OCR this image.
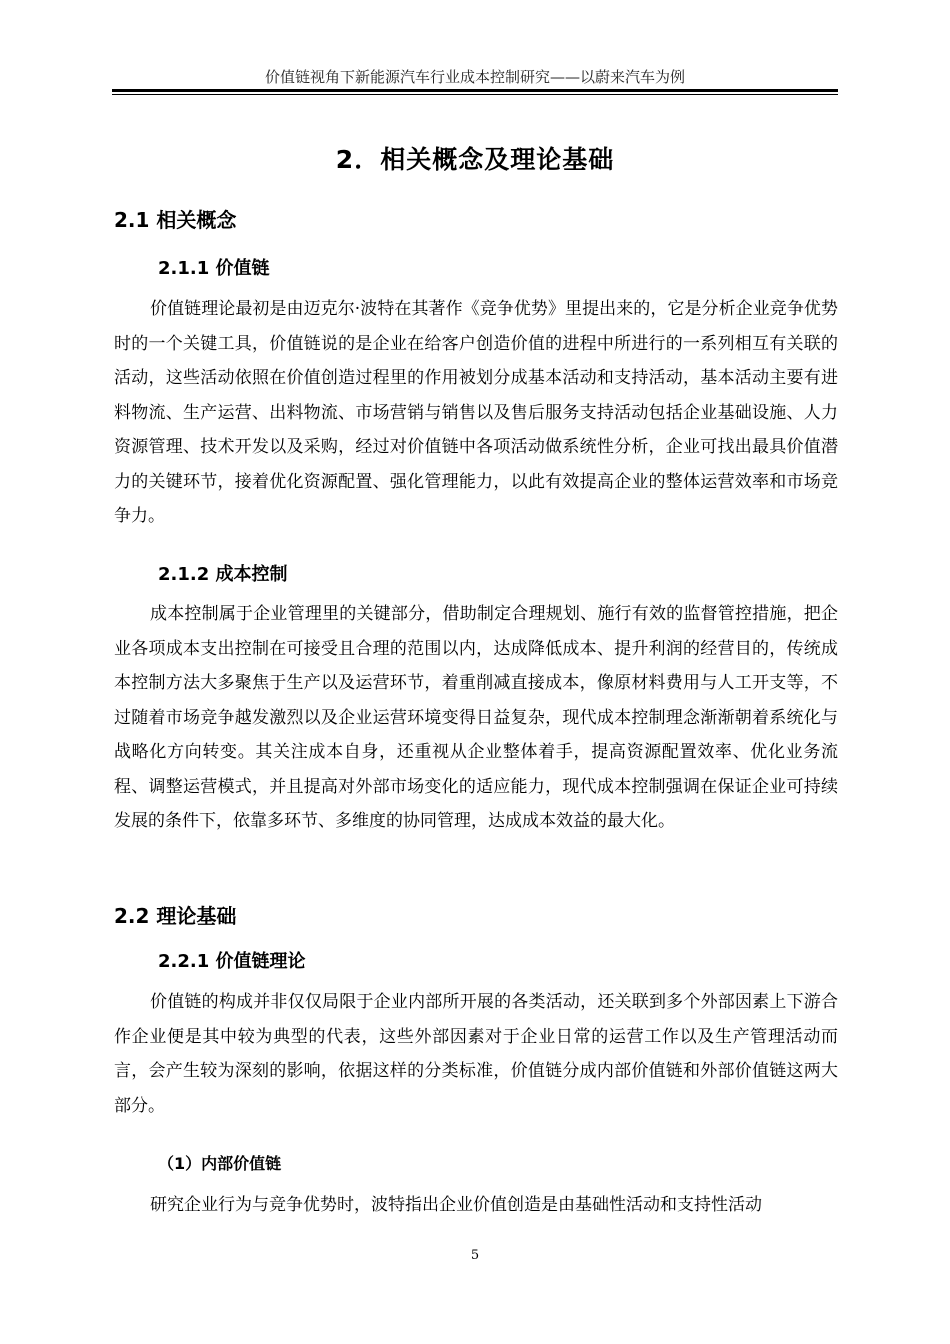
价值链视角下新能源汽车行业成本控制研究——以蔚来汽车为例
2．相关概念及理论基础
2.1 相关概念
2.1.1 价值链

价值链理论最初是由迈克尔·波特在其著作《竞争优势》里提出来的，它是分析企业竞争优势时的一个关键工具，价值链说的是企业在给客户创造价值的进程中所进行的一系列相互有关联的活动，这些活动依照在价值创造过程里的作用被划分成基本活动和支持活动，基本活动主要有进料物流、生产运营、出料物流、市场营销与销售以及售后服务支持活动包括企业基础设施、人力资源管理、技术开发以及采购，经过对价值链中各项活动做系统性分析，企业可找出最具价值潜力的关键环节，接着优化资源配置、强化管理能力，以此有效提高企业的整体运营效率和市场竞争力。

2.1.2 成本控制

成本控制属于企业管理里的关键部分，借助制定合理规划、施行有效的监督管控措施，把企业各项成本支出控制在可接受且合理的范围以内，达成降低成本、提升利润的经营目的，传统成本控制方法大多聚焦于生产以及运营环节，着重削减直接成本，像原材料费用与人工开支等，不过随着市场竞争越发激烈以及企业运营环境变得日益复杂，现代成本控制理念渐渐朝着系统化与战略化方向转变。其关注成本自身，还重视从企业整体着手，提高资源配置效率、优化业务流程、调整运营模式，并且提高对外部市场变化的适应能力，现代成本控制强调在保证企业可持续发展的条件下，依靠多环节、多维度的协同管理，达成成本效益的最大化。

2.2 理论基础
2.2.1 价值链理论

价值链的构成并非仅仅局限于企业内部所开展的各类活动，还关联到多个外部因素上下游合作企业便是其中较为典型的代表，这些外部因素对于企业日常的运营工作以及生产管理活动而言，会产生较为深刻的影响，依据这样的分类标准，价值链分成内部价值链和外部价值链这两大部分。

（1）内部价值链

研究企业行为与竞争优势时，波特指出企业价值创造是由基础性活动和支持性活动

5
